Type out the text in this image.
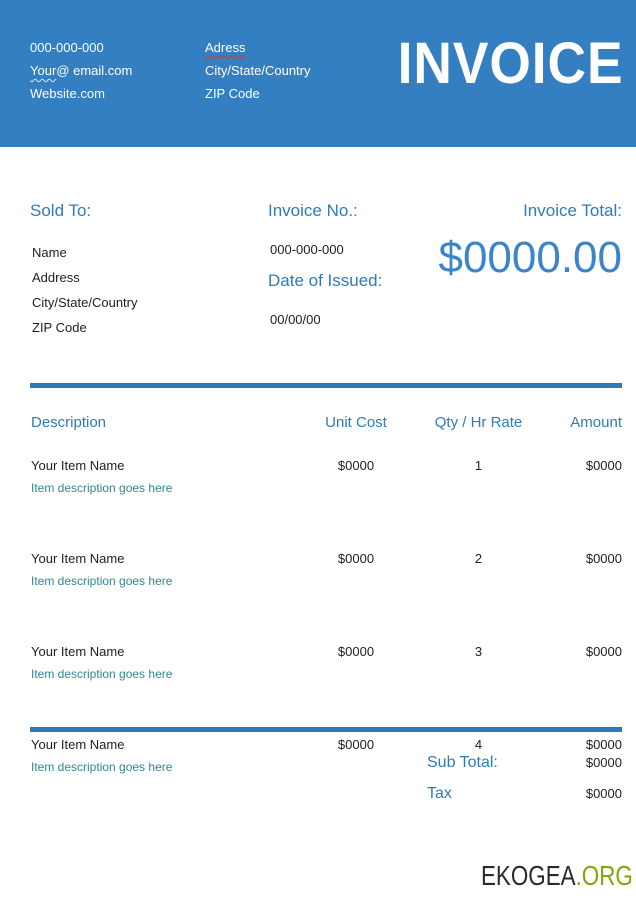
000-000-000
Your@ email.com
Website.com
Adress
City/State/Country
ZIP Code	INVOICE
Sold To:
Name
Address
City/State/Country
ZIP Code
Invoice No.:
000-000-000
Date of Issued:
00/00/00
Invoice Total:
$0000.00
Description	Unit Cost	Qty / Hr Rate	Amount
Your Item Name
Item description goes here
$0000	1	$0000
Your Item Name
Item description goes here
$0000	2	$0000
Your Item Name
Item description goes here
$0000	3	$0000
Your Item Name
Item description goes here
$0000	4	$0000
Sub Total:	$0000
Tax	$0000
EKOGEA.ORG
